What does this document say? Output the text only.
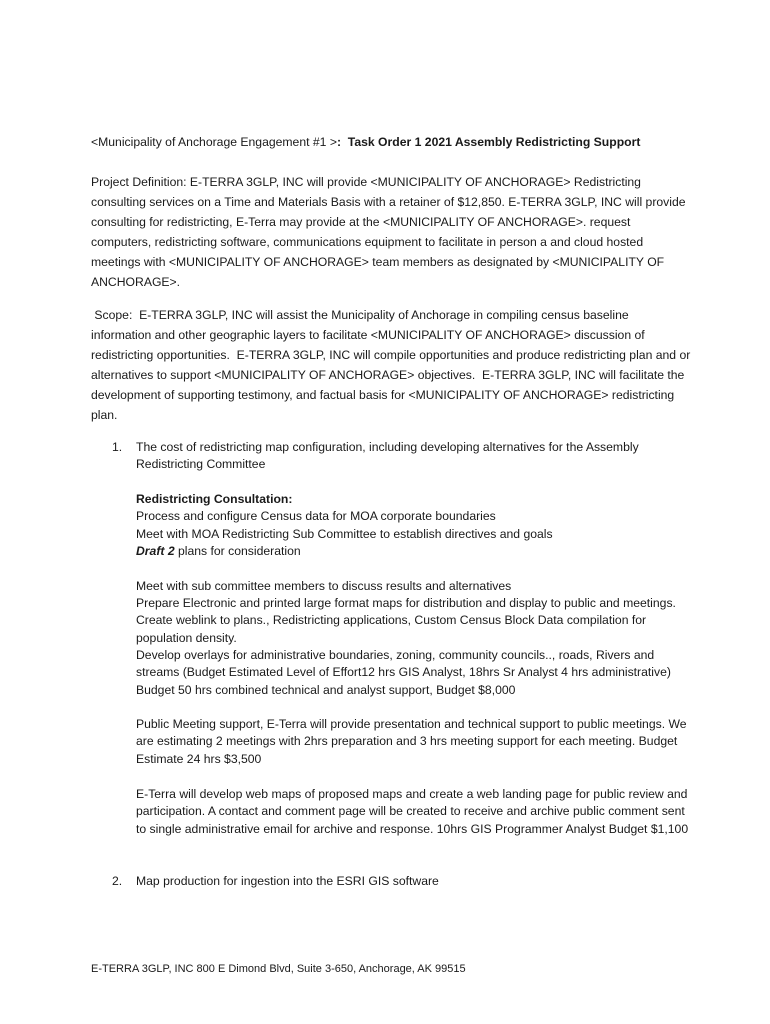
<Municipality of Anchorage Engagement #1 >: Task Order 1 2021 Assembly Redistricting Support

Project Definition: E-TERRA 3GLP, INC will provide <MUNICIPALITY OF ANCHORAGE> Redistricting consulting services on a Time and Materials Basis with a retainer of $12,850. E-TERRA 3GLP, INC will provide consulting for redistricting, E-Terra may provide at the <MUNICIPALITY OF ANCHORAGE>. request computers, redistricting software, communications equipment to facilitate in person a and cloud hosted meetings with <MUNICIPALITY OF ANCHORAGE> team members as designated by <MUNICIPALITY OF ANCHORAGE>.

Scope:  E-TERRA 3GLP, INC will assist the Municipality of Anchorage in compiling census baseline information and other geographic layers to facilitate <MUNICIPALITY OF ANCHORAGE> discussion of redistricting opportunities.  E-TERRA 3GLP, INC will compile opportunities and produce redistricting plan and or alternatives to support <MUNICIPALITY OF ANCHORAGE> objectives.  E-TERRA 3GLP, INC will facilitate the development of supporting testimony, and factual basis for <MUNICIPALITY OF ANCHORAGE> redistricting plan.

1. The cost of redistricting map configuration, including developing alternatives for the Assembly Redistricting Committee

Redistricting Consultation:
Process and configure Census data for MOA corporate boundaries
Meet with MOA Redistricting Sub Committee to establish directives and goals
Draft 2 plans for consideration

Meet with sub committee members to discuss results and alternatives

Prepare Electronic and printed large format maps for distribution and display to public and meetings. Create weblink to plans., Redistricting applications, Custom Census Block Data compilation for population density.

Develop overlays for administrative boundaries, zoning, community councils.., roads, Rivers and streams (Budget Estimated Level of Effort12 hrs GIS Analyst, 18hrs Sr Analyst 4 hrs administrative) Budget 50 hrs combined technical and analyst support, Budget $8,000

Public Meeting support, E-Terra will provide presentation and technical support to public meetings. We are estimating 2 meetings with 2hrs preparation and 3 hrs meeting support for each meeting. Budget Estimate 24 hrs $3,500

E-Terra will develop web maps of proposed maps and create a web landing page for public review and participation. A contact and comment page will be created to receive and archive public comment sent to single administrative email for archive and response. 10hrs GIS Programmer Analyst Budget $1,100

2. Map production for ingestion into the ESRI GIS software

E-TERRA 3GLP, INC 800 E Dimond Blvd, Suite 3-650, Anchorage, AK 99515
